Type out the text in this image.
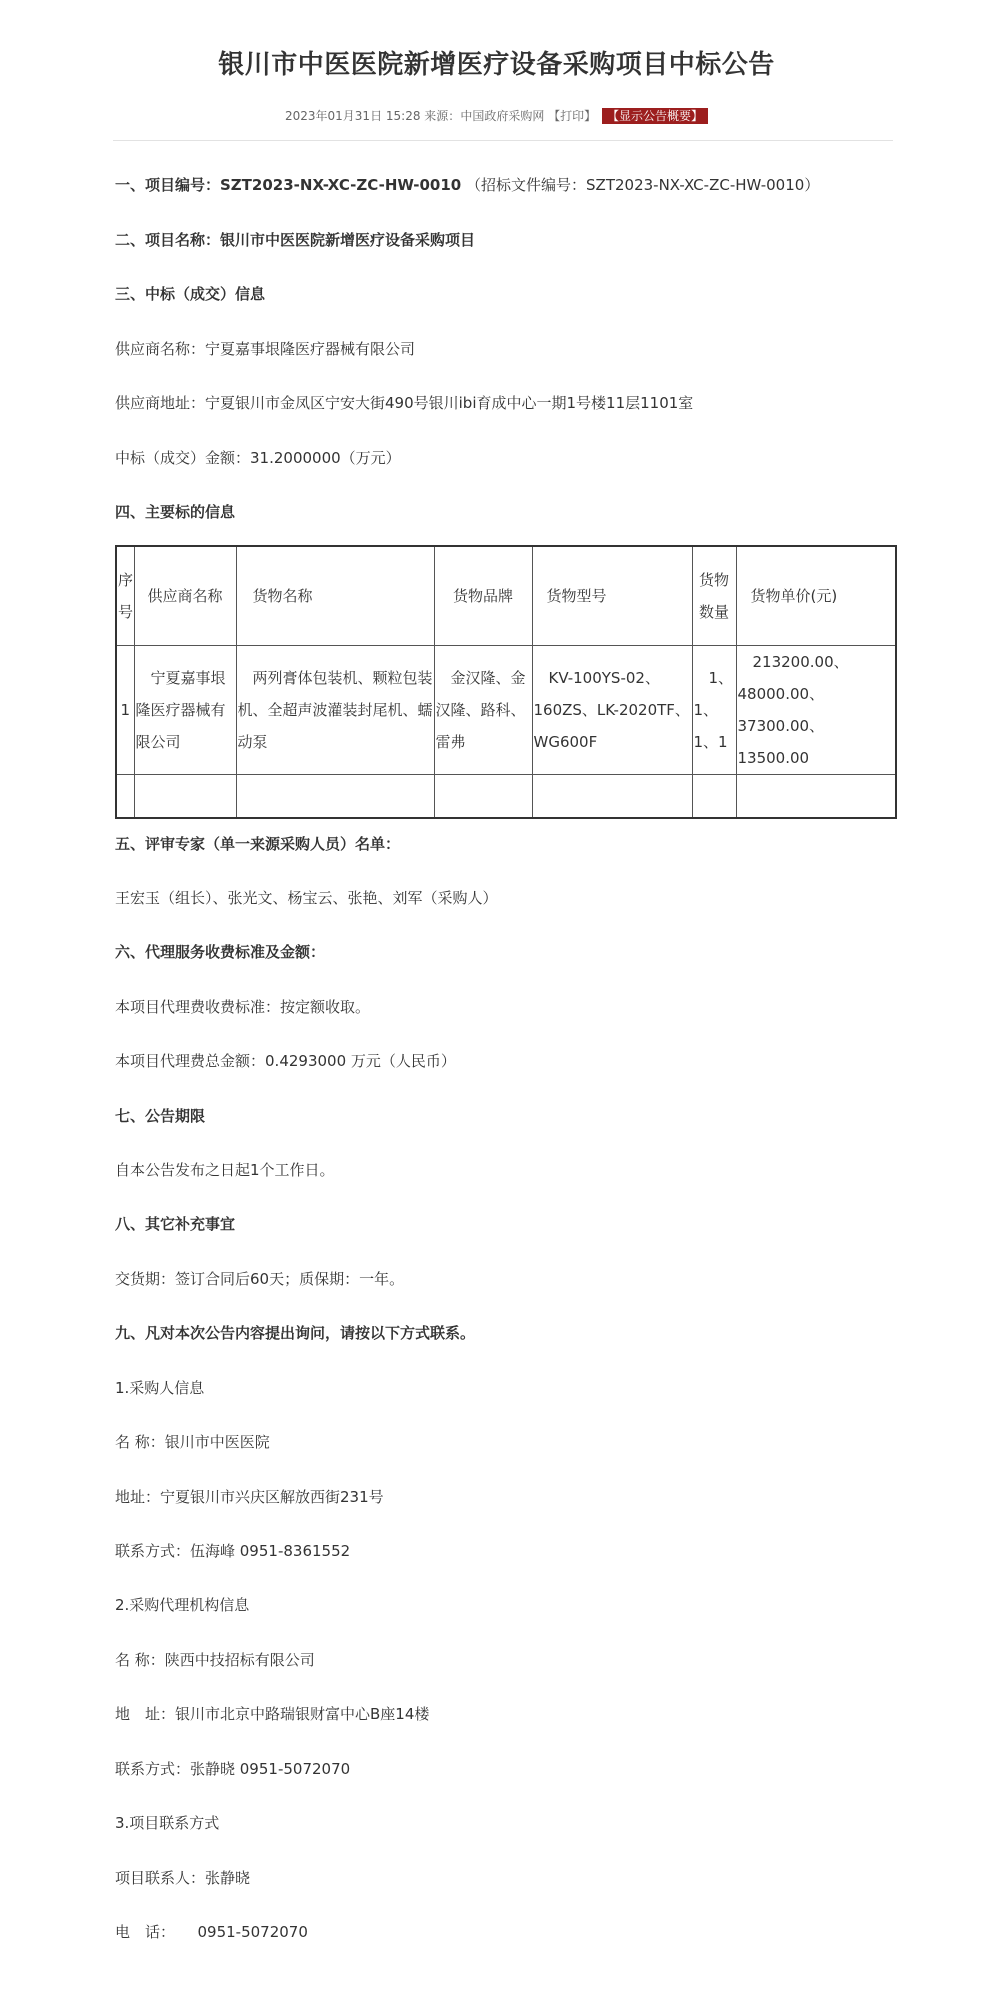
银川市中医医院新增医疗设备采购项目中标公告
2023年01月31日 15:28 来源：中国政府采购网 【打印】 【显示公告概要】
一、项目编号：SZT2023-NX-XC-ZC-HW-0010 （招标文件编号：SZT2023-NX-XC-ZC-HW-0010）
二、项目名称：银川市中医医院新增医疗设备采购项目
三、中标（成交）信息
供应商名称：宁夏嘉事垠隆医疗器械有限公司
供应商地址：宁夏银川市金凤区宁安大街490号银川ibi育成中心一期1号楼11层1101室
中标（成交）金额：31.2000000（万元）
四、主要标的信息
序号	供应商名称	货物名称	货物品牌	货物型号	货物数量	货物单价(元)
1	　宁夏嘉事垠隆医疗器械有限公司	　两列膏体包装机、颗粒包装机、全超声波灌装封尾机、蠕动泵	　金汉隆、金汉隆、路科、雷弗	　KV-100YS-02、160ZS、LK-2020TF、WG600F	　1、1、1、1	　213200.00、48000.00、37300.00、13500.00

五、评审专家（单一来源采购人员）名单：
王宏玉（组长）、张光文、杨宝云、张艳、刘军（采购人）
六、代理服务收费标准及金额：
本项目代理费收费标准：按定额收取。
本项目代理费总金额：0.4293000 万元（人民币）
七、公告期限
自本公告发布之日起1个工作日。
八、其它补充事宜
交货期：签订合同后60天；质保期：一年。
九、凡对本次公告内容提出询问，请按以下方式联系。
1.采购人信息
名 称：银川市中医医院
地址：宁夏银川市兴庆区解放西街231号
联系方式：伍海峰 0951-8361552
2.采购代理机构信息
名 称：陕西中技招标有限公司
地　址：银川市北京中路瑞银财富中心B座14楼
联系方式：张静晓 0951-5072070
3.项目联系方式
项目联系人：张静晓
电　话：　　0951-5072070
